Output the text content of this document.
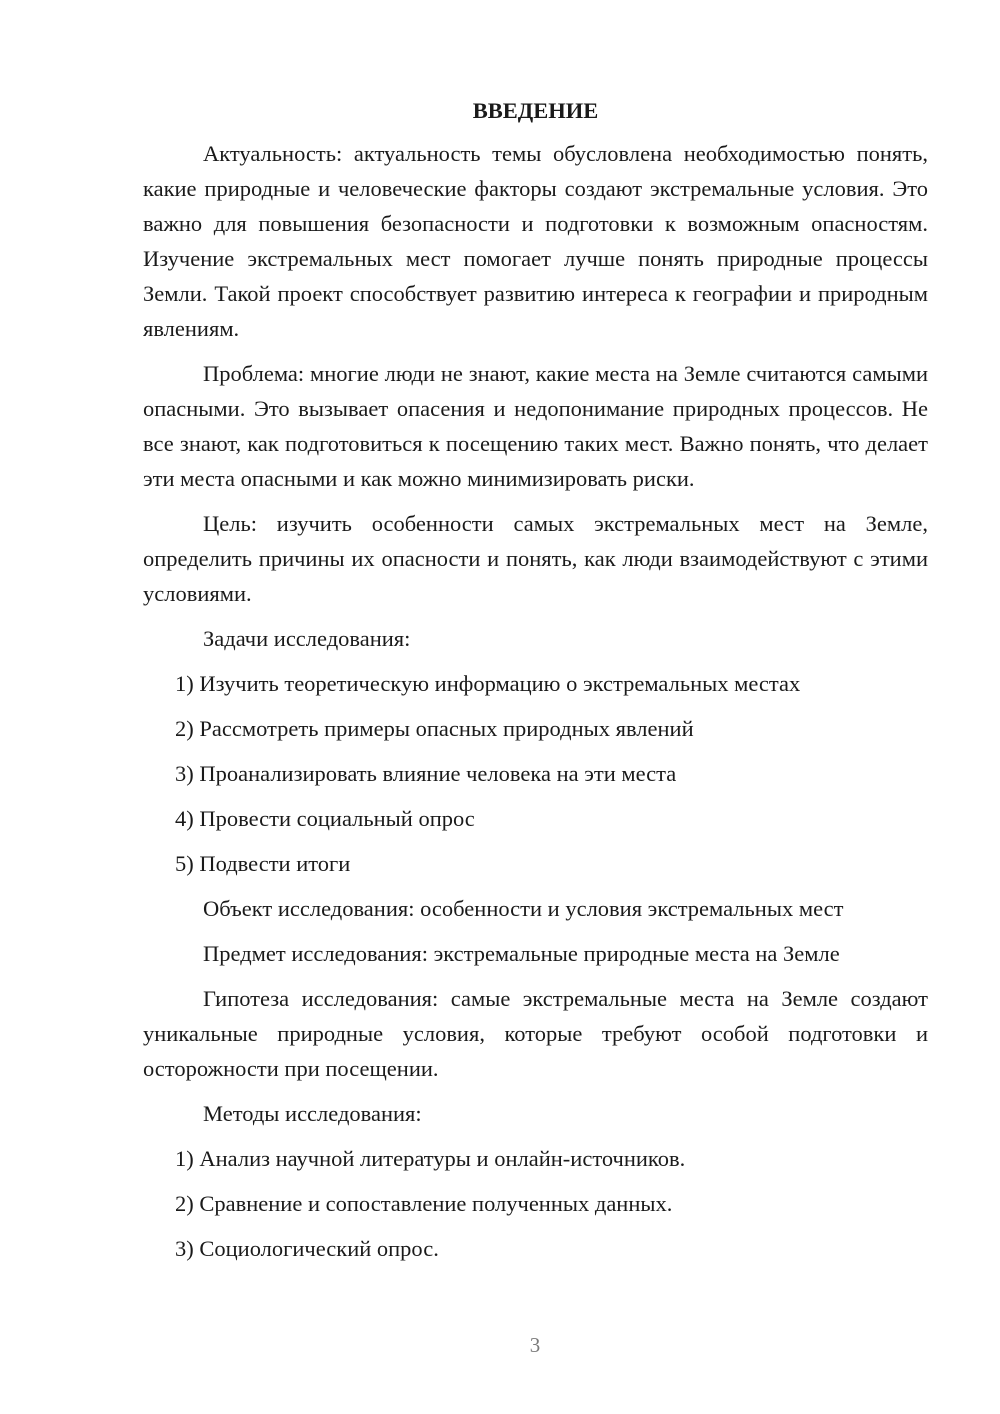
ВВЕДЕНИЕ

Актуальность: актуальность темы обусловлена необходимостью понять, какие природные и человеческие факторы создают экстремальные условия. Это важно для повышения безопасности и подготовки к возможным опасностям. Изучение экстремальных мест помогает лучше понять природные процессы Земли. Такой проект способствует развитию интереса к географии и природным явлениям.

Проблема: многие люди не знают, какие места на Земле считаются самыми опасными. Это вызывает опасения и недопонимание природных процессов. Не все знают, как подготовиться к посещению таких мест. Важно понять, что делает эти места опасными и как можно минимизировать риски.

Цель: изучить особенности самых экстремальных мест на Земле, определить причины их опасности и понять, как люди взаимодействуют с этими условиями.

Задачи исследования:

1) Изучить теоретическую информацию о экстремальных местах
2) Рассмотреть примеры опасных природных явлений
3) Проанализировать влияние человека на эти места
4) Провести социальный опрос
5) Подвести итоги

Объект исследования: особенности и условия экстремальных мест

Предмет исследования: экстремальные природные места на Земле

Гипотеза исследования: самые экстремальные места на Земле создают уникальные природные условия, которые требуют особой подготовки и осторожности при посещении.

Методы исследования:

1) Анализ научной литературы и онлайн-источников.
2) Сравнение и сопоставление полученных данных.
3) Социологический опрос.
3
